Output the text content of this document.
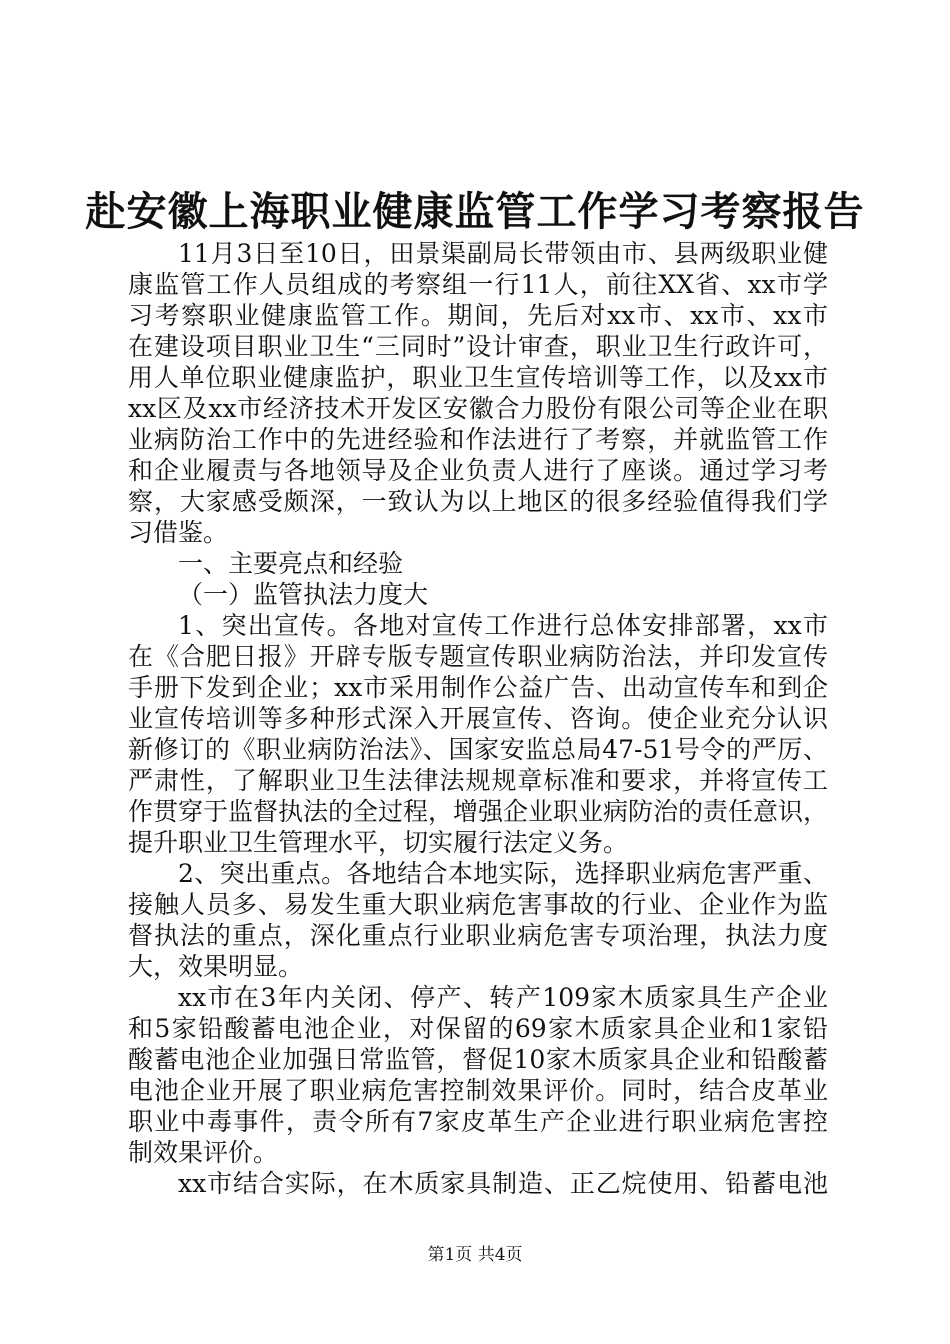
赴安徽上海职业健康监管工作学习考察报告
11月3日至10日，田景渠副局长带领由市、县两级职业健
康监管工作人员组成的考察组一行11人，前往XX省、xx市学
习考察职业健康监管工作。期间，先后对xx市、xx市、xx市
在建设项目职业卫生“三同时”设计审查，职业卫生行政许可，
用人单位职业健康监护，职业卫生宣传培训等工作，以及xx市
xx区及xx市经济技术开发区安徽合力股份有限公司等企业在职
业病防治工作中的先进经验和作法进行了考察，并就监管工作
和企业履责与各地领导及企业负责人进行了座谈。通过学习考
察，大家感受颇深，一致认为以上地区的很多经验值得我们学
习借鉴。
一、主要亮点和经验
（一）监管执法力度大
1、突出宣传。各地对宣传工作进行总体安排部署，xx市
在《合肥日报》开辟专版专题宣传职业病防治法，并印发宣传
手册下发到企业；xx市采用制作公益广告、出动宣传车和到企
业宣传培训等多种形式深入开展宣传、咨询。使企业充分认识
新修订的《职业病防治法》、国家安监总局47-51号令的严厉、
严肃性，了解职业卫生法律法规规章标准和要求，并将宣传工
作贯穿于监督执法的全过程，增强企业职业病防治的责任意识，
提升职业卫生管理水平，切实履行法定义务。
2、突出重点。各地结合本地实际，选择职业病危害严重、
接触人员多、易发生重大职业病危害事故的行业、企业作为监
督执法的重点，深化重点行业职业病危害专项治理，执法力度
大，效果明显。
xx市在3年内关闭、停产、转产109家木质家具生产企业
和5家铅酸蓄电池企业，对保留的69家木质家具企业和1家铅
酸蓄电池企业加强日常监管，督促10家木质家具企业和铅酸蓄
电池企业开展了职业病危害控制效果评价。同时，结合皮革业
职业中毒事件，责令所有7家皮革生产企业进行职业病危害控
制效果评价。
xx市结合实际，在木质家具制造、正乙烷使用、铅蓄电池
第1页 共4页
